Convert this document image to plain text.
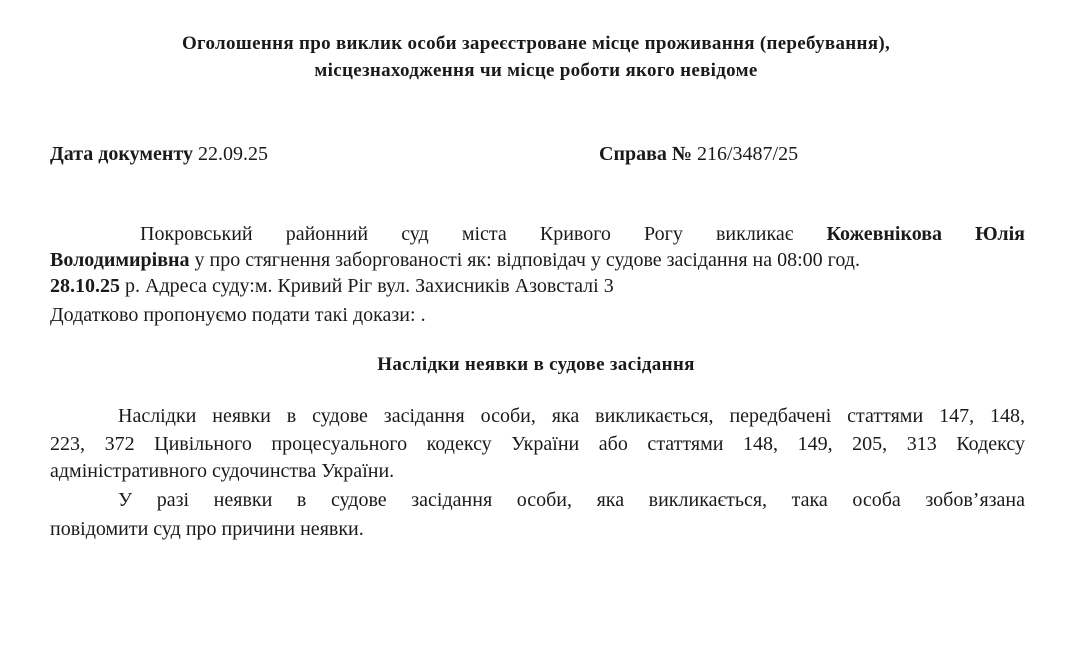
Оголошення про виклик особи зареєстроване місце проживання (перебування),
місцезнаходження чи місце роботи якого невідоме
Дата документу 22.09.25	Справа № 216/3487/25
Покровський районний суд міста Кривого Рогу викликає Кожевнікова Юлія
Володимирівна у про стягнення заборгованості як: відповідач у судове засідання на 08:00 год.
28.10.25 р. Адреса суду:м. Кривий Ріг вул. Захисників Азовсталі 3
Додатково пропонуємо подати такі докази: .
Наслідки неявки в судове засідання
Наслідки неявки в судове засідання особи, яка викликається, передбачені статтями 147, 148,
223, 372 Цивільного процесуального кодексу України або статтями 148, 149, 205, 313 Кодексу
адміністративного судочинства України.
У разі неявки в судове засідання особи, яка викликається, така особа зобов’язана
повідомити суд про причини неявки.
